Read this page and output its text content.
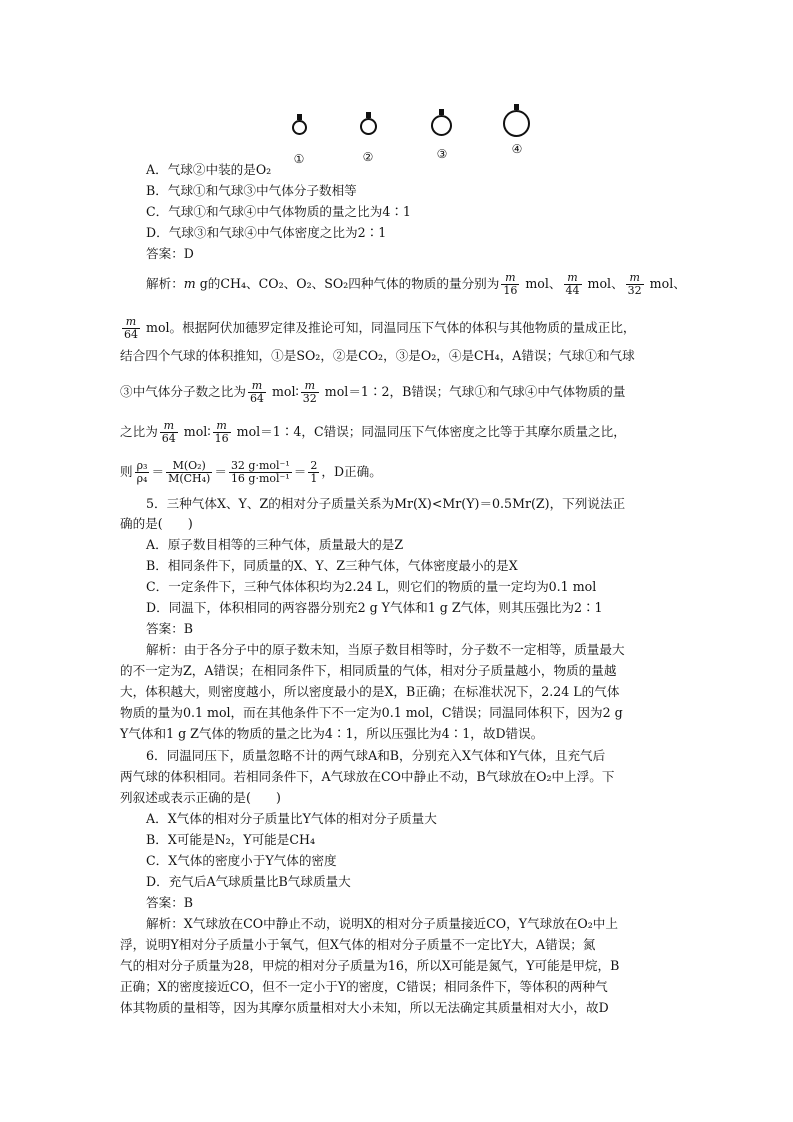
①	②	③	④
A．气球②中装的是O₂
B．气球①和气球③中气体分子数相等
C．气球①和气球④中气体物质的量之比为4∶1
D．气球③和气球④中气体密度之比为2∶1
答案：D
解析：m g的CH₄、CO₂、O₂、SO₂四种气体的物质的量分别为 $\frac{m}{16}$ mol、 $\frac{m}{44}$ mol、 $\frac{m}{32}$ mol、
$\frac{m}{64}$ mol。根据阿伏加德罗定律及推论可知，同温同压下气体的体积与其他物质的量成正比，
结合四个气球的体积推知，①是SO₂，②是CO₂，③是O₂，④是CH₄，A错误；气球①和气球
③中气体分子数之比为 $\frac{m}{64}$ mol∶ $\frac{m}{32}$ mol＝1∶2，B错误；气球①和气球④中气体物质的量
之比为 $\frac{m}{64}$ mol∶ $\frac{m}{16}$ mol＝1∶4，C错误；同温同压下气体密度之比等于其摩尔质量之比，
则 $\frac{\text{ρ₃}}{\text{ρ₄}} = \frac{\text{M(O₂)}}{\text{M(CH₄)}} = \frac{\text{32 g·mol⁻¹}}{\text{16 g·mol⁻¹}} = \frac{2}{1}$ ，D正确。
5．三种气体X、Y、Z的相对分子质量关系为Mr(X)<Mr(Y)＝0.5Mr(Z)，下列说法正
确的是(　　)
A．原子数目相等的三种气体，质量最大的是Z
B．相同条件下，同质量的X、Y、Z三种气体，气体密度最小的是X
C．一定条件下，三种气体体积均为2.24 L，则它们的物质的量一定均为0.1 mol
D．同温下，体积相同的两容器分别充2 g Y气体和1 g Z气体，则其压强比为2∶1
答案：B
解析：由于各分子中的原子数未知，当原子数目相等时，分子数不一定相等，质量最大
的不一定为Z，A错误；在相同条件下，相同质量的气体，相对分子质量越小，物质的量越
大，体积越大，则密度越小，所以密度最小的是X，B正确；在标准状况下，2.24 L的气体
物质的量为0.1 mol，而在其他条件下不一定为0.1 mol，C错误；同温同体积下，因为2 g
Y气体和1 g Z气体的物质的量之比为4∶1，所以压强比为4∶1，故D错误。
6．同温同压下，质量忽略不计的两气球A和B，分别充入X气体和Y气体，且充气后
两气球的体积相同。若相同条件下，A气球放在CO中静止不动，B气球放在O₂中上浮。下
列叙述或表示正确的是(　　)
A．X气体的相对分子质量比Y气体的相对分子质量大
B．X可能是N₂，Y可能是CH₄
C．X气体的密度小于Y气体的密度
D．充气后A气球质量比B气球质量大
答案：B
解析：X气球放在CO中静止不动，说明X的相对分子质量接近CO，Y气球放在O₂中上
浮，说明Y相对分子质量小于氧气，但X气体的相对分子质量不一定比Y大，A错误；氮
气的相对分子质量为28，甲烷的相对分子质量为16，所以X可能是氮气，Y可能是甲烷，B
正确；X的密度接近CO，但不一定小于Y的密度，C错误；相同条件下，等体积的两种气
体其物质的量相等，因为其摩尔质量相对大小未知，所以无法确定其质量相对大小，故D
